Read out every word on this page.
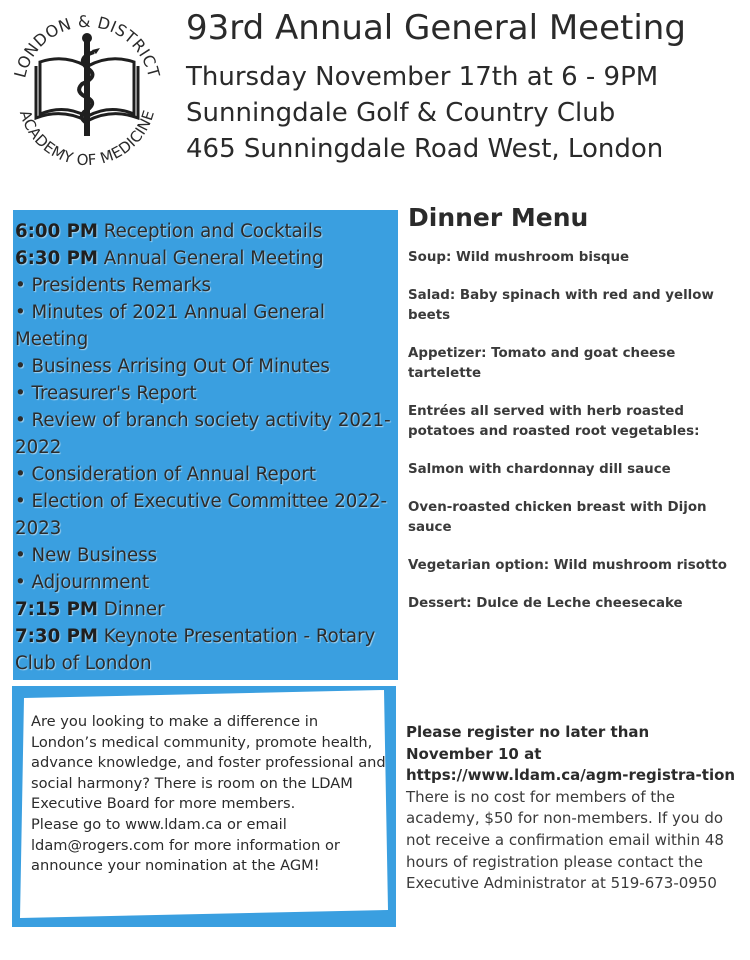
LONDON & DISTRICT
ACADEMY OF MEDICINE
93rd Annual General Meeting
Thursday November 17th at 6 - 9PM
Sunningdale Golf & Country Club
465 Sunningdale Road West, London
6:00 PM Reception and Cocktails
6:30 PM Annual General Meeting
• Presidents Remarks
• Minutes of 2021 Annual General Meeting
• Business Arrising Out Of Minutes
• Treasurer's Report
• Review of branch society activity 2021-2022
• Consideration of Annual Report
• Election of Executive Committee 2022-2023
• New Business
• Adjournment
7:15 PM Dinner
7:30 PM Keynote Presentation - Rotary Club of London
Dinner Menu
Soup: Wild mushroom bisque
Salad: Baby spinach with red and yellow beets
Appetizer: Tomato and goat cheese tartelette
Entrées all served with herb roasted potatoes and roasted root vegetables:
Salmon with chardonnay dill sauce
Oven-roasted chicken breast with Dijon sauce
Vegetarian option: Wild mushroom risotto
Dessert: Dulce de Leche cheesecake
Are you looking to make a difference in London’s medical community, promote health, advance knowledge, and foster professional and social harmony? There is room on the LDAM Executive Board for more members.
Please go to www.ldam.ca or email ldam@rogers.com for more information or announce your nomination at the AGM!
Please register no later than November 10 at https://www.ldam.ca/agm-registra-tion
There is no cost for members of the academy, $50 for non-members. If you do not receive a confirmation email within 48 hours of registration please contact the Executive Administrator at 519-673-0950
